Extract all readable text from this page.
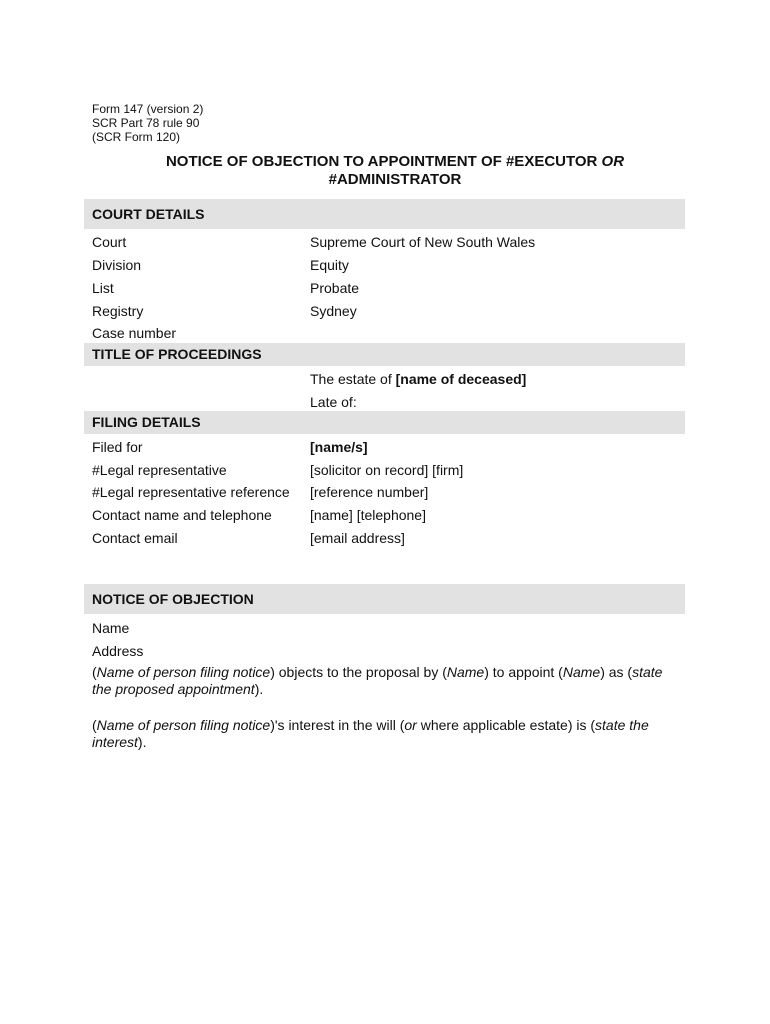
Form 147 (version 2)
SCR Part 78 rule 90
(SCR Form 120)
NOTICE OF OBJECTION TO APPOINTMENT OF #EXECUTOR OR
#ADMINISTRATOR
COURT DETAILS
Court	Supreme Court of New South Wales
Division	Equity
List	Probate
Registry	Sydney
Case number
TITLE OF PROCEEDINGS
The estate of [name of deceased]
Late of:
FILING DETAILS
Filed for	[name/s]
#Legal representative	[solicitor on record] [firm]
#Legal representative reference [reference number]
Contact name and telephone	[name] [telephone]
Contact email	[email address]
NOTICE OF OBJECTION
Name
Address
(Name of person filing notice) objects to the proposal by (Name) to appoint (Name) as (state the proposed appointment).
(Name of person filing notice)'s interest in the will (or where applicable estate) is (state the interest).
